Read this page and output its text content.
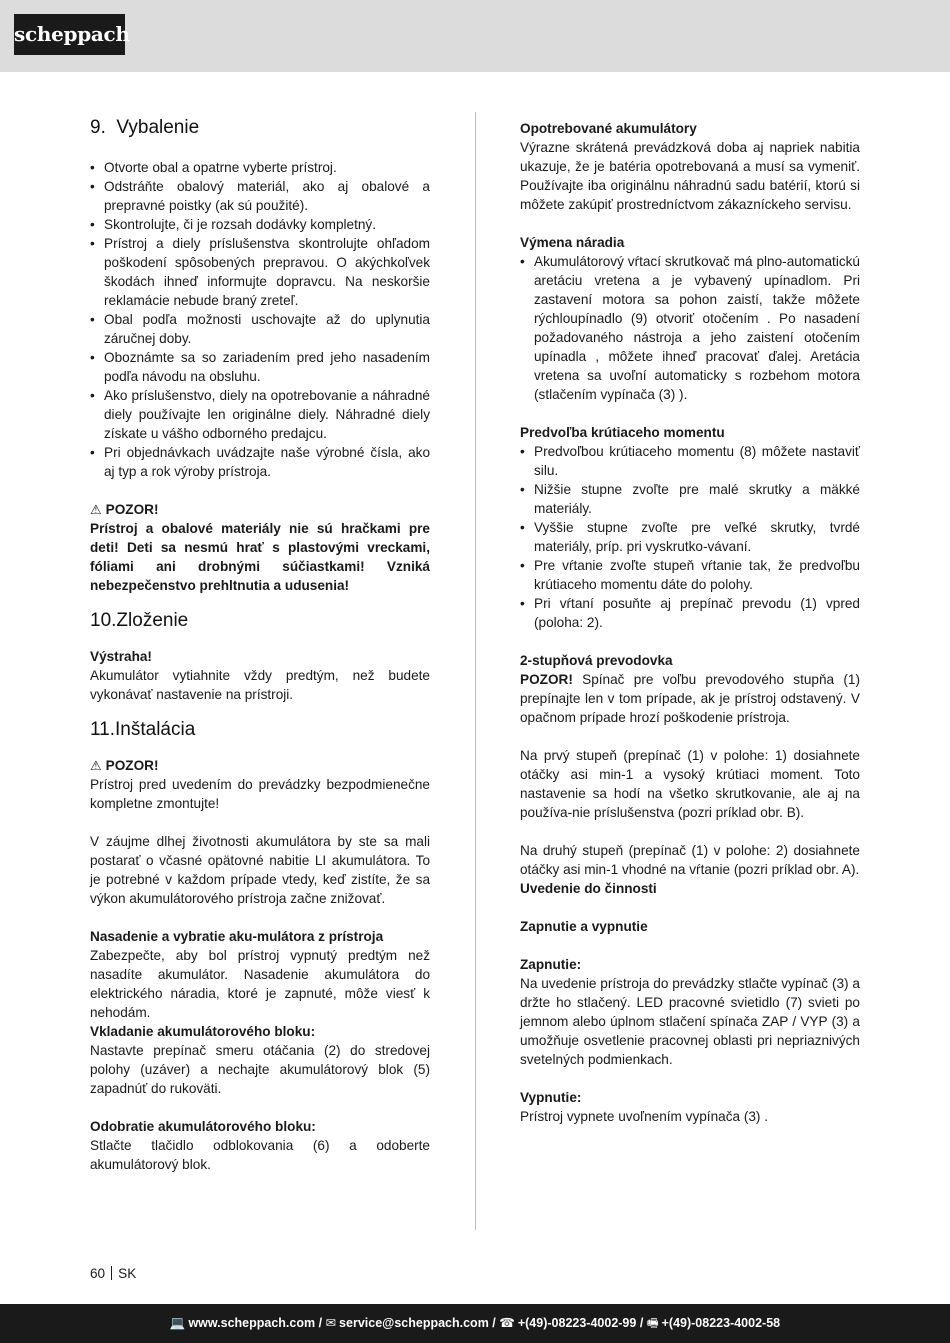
scheppach
9. Vybalenie
• Otvorte obal a opatrne vyberte prístroj.
• Odstráňte obalový materiál, ako aj obalové a prepravné poistky (ak sú použité).
• Skontrolujte, či je rozsah dodávky kompletný.
• Prístroj a diely príslušenstva skontrolujte ohľadom poškodení spôsobených prepravou. O akýchkoľvek škodách ihneď informujte dopravcu. Na neskoršie reklamácie nebude braný zreteľ.
• Obal podľa možnosti uschovajte až do uplynutia záručnej doby.
• Oboznámte sa so zariadením pred jeho nasadením podľa návodu na obsluhu.
• Ako príslušenstvo, diely na opotrebovanie a náhradné diely používajte len originálne diely. Náhradné diely získate u vášho odborného predajcu.
• Pri objednávkach uvádzajte naše výrobné čísla, ako aj typ a rok výroby prístroja.
⚠ POZOR!

Prístroj a obalové materiály nie sú hračkami pre deti! Deti sa nesmú hrať s plastovými vreckami, fóliami ani drobnými súčiastkami! Vzniká nebezpečenstvo prehltnutia a udusenia!

10.Zloženie

Výstraha!

Akumulátor vytiahnite vždy predtým, než budete vykonávať nastavenie na prístroji.

11.Inštalácia
⚠ POZOR!

Prístroj pred uvedením do prevádzky bezpodmienečne kompletne zmontujte!

V záujme dlhej životnosti akumulátora by ste sa mali postarať o včasné opätovné nabitie LI akumulátora. To je potrebné v každom prípade vtedy, keď zistíte, že sa výkon akumulátorového prístroja začne znižovať.

Nasadenie a vybratie aku-mulátora z prístroja

Zabezpečte, aby bol prístroj vypnutý predtým než nasadíte akumulátor. Nasadenie akumulátora do elektrického náradia, ktoré je zapnuté, môže viesť k nehodám.

Vkladanie akumulátorového bloku:

Nastavte prepínač smeru otáčania (2) do stredovej polohy (uzáver) a nechajte akumulátorový blok (5) zapadnúť do rukoväti.

Odobratie akumulátorového bloku:

Stlačte tlačidlo odblokovania (6) a odoberte akumulátorový blok.

Opotrebované akumulátory

Výrazne skrátená prevádzková doba aj napriek nabitia ukazuje, že je batéria opotrebovaná a musí sa vymeniť. Používajte iba originálnu náhradnú sadu batérií, ktorú si môžete zakúpiť prostredníctvom zákazníckeho servisu.

Výmena náradia

• Akumulátorový vŕtací skrutkovač má plno-automatickú aretáciu vretena a je vybavený upínadlom. Pri zastavení motora sa pohon zaistí, takže môžete rýchloupínadlo (9) otvoriť otočením . Po nasadení požadovaného nástroja a jeho zaistení otočením upínadla , môžete ihneď pracovať ďalej. Aretácia vretena sa uvoľní automaticky s rozbehom motora (stlačením vypínača (3) ).

Predvoľba krútiaceho momentu

• Predvoľbou krútiaceho momentu (8) môžete nastaviť silu.
• Nižšie stupne zvoľte pre malé skrutky a mäkké materiály.
• Vyššie stupne zvoľte pre veľké skrutky, tvrdé materiály, príp. pri vyskrutko-vávaní.
• Pre vŕtanie zvoľte stupeň vŕtanie tak, že predvoľbu krútiaceho momentu dáte do polohy.
• Pri vŕtaní posuňte aj prepínač prevodu (1) vpred (poloha: 2).

2-stupňová prevodovka

POZOR! Spínač pre voľbu prevodového stupňa (1) prepínajte len v tom prípade, ak je prístroj odstavený. V opačnom prípade hrozí poškodenie prístroja.

Na prvý stupeň (prepínač (1) v polohe: 1) dosiahnete otáčky asi min-1 a vysoký krútiaci moment. Toto nastavenie sa hodí na všetko skrutkovanie, ale aj na používa-nie príslušenstva (pozri príklad obr. B).

Na druhý stupeň (prepínač (1) v polohe: 2) dosiahnete otáčky asi min-1 vhodné na vŕtanie (pozri príklad obr. A).

Uvedenie do činnosti

Zapnutie a vypnutie

Zapnutie:

Na uvedenie prístroja do prevádzky stlačte vypínač (3) a držte ho stlačený. LED pracovné svietidlo (7) svieti po jemnom alebo úplnom stlačení spínača ZAP / VYP (3) a umožňuje osvetlenie pracovnej oblasti pri nepriaznivých svetelných podmienkach.

Vypnutie:

Prístroj vypnete uvoľnením vypínača (3) .

60 SK
💻 www.scheppach.com / ✉ service@scheppach.com / ☎ +(49)-08223-4002-99 / 🖷 +(49)-08223-4002-58
